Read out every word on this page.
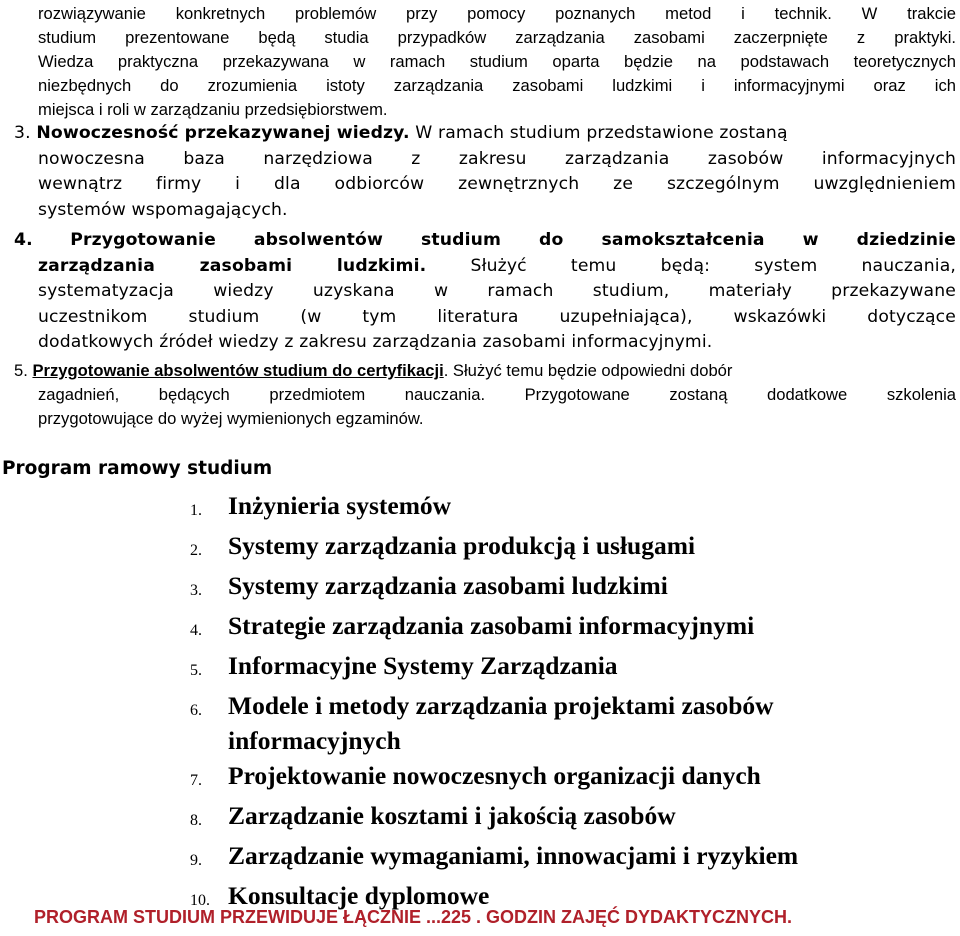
rozwiązywanie konkretnych problemów przy pomocy poznanych metod i technik. W trakcie
studium prezentowane będą studia przypadków zarządzania zasobami zaczerpnięte z praktyki.
Wiedza praktyczna przekazywana w ramach studium oparta będzie na podstawach teoretycznych
niezbędnych do zrozumienia istoty zarządzania zasobami ludzkimi i informacyjnymi oraz ich
miejsca i roli w zarządzaniu przedsiębiorstwem.
3. Nowoczesność przekazywanej wiedzy. W ramach studium przedstawione zostaną
nowoczesna baza narzędziowa z zakresu zarządzania zasobów informacyjnych
wewnątrz firmy i dla odbiorców zewnętrznych ze szczególnym uwzględnieniem
systemów wspomagających.
4. Przygotowanie absolwentów studium do samokształcenia w dziedzinie
zarządzania zasobami ludzkimi. Służyć temu będą: system nauczania,
systematyzacja wiedzy uzyskana w ramach studium, materiały przekazywane
uczestnikom studium (w tym literatura uzupełniająca), wskazówki dotyczące
dodatkowych źródeł wiedzy z zakresu zarządzania zasobami informacyjnymi.
5. Przygotowanie absolwentów studium do certyfikacji. Służyć temu będzie odpowiedni dobór
zagadnień, będących przedmiotem nauczania. Przygotowane zostaną dodatkowe szkolenia
przygotowujące do wyżej wymienionych egzaminów.
Program ramowy studium
1.	Inżynieria systemów
2.	Systemy zarządzania produkcją i usługami
3.	Systemy zarządzania zasobami ludzkimi
4.	Strategie zarządzania zasobami informacyjnymi
5.	Informacyjne Systemy Zarządzania
6.	Modele i metody zarządzania projektami zasobów informacyjnych
7.	Projektowanie nowoczesnych organizacji danych
8.	Zarządzanie kosztami i jakością zasobów
9.	Zarządzanie wymaganiami, innowacjami i ryzykiem
10. Konsultacje dyplomowe
PROGRAM STUDIUM PRZEWIDUJE ŁĄCZNIE ...225 . GODZIN ZAJĘĆ DYDAKTYCZNYCH.
